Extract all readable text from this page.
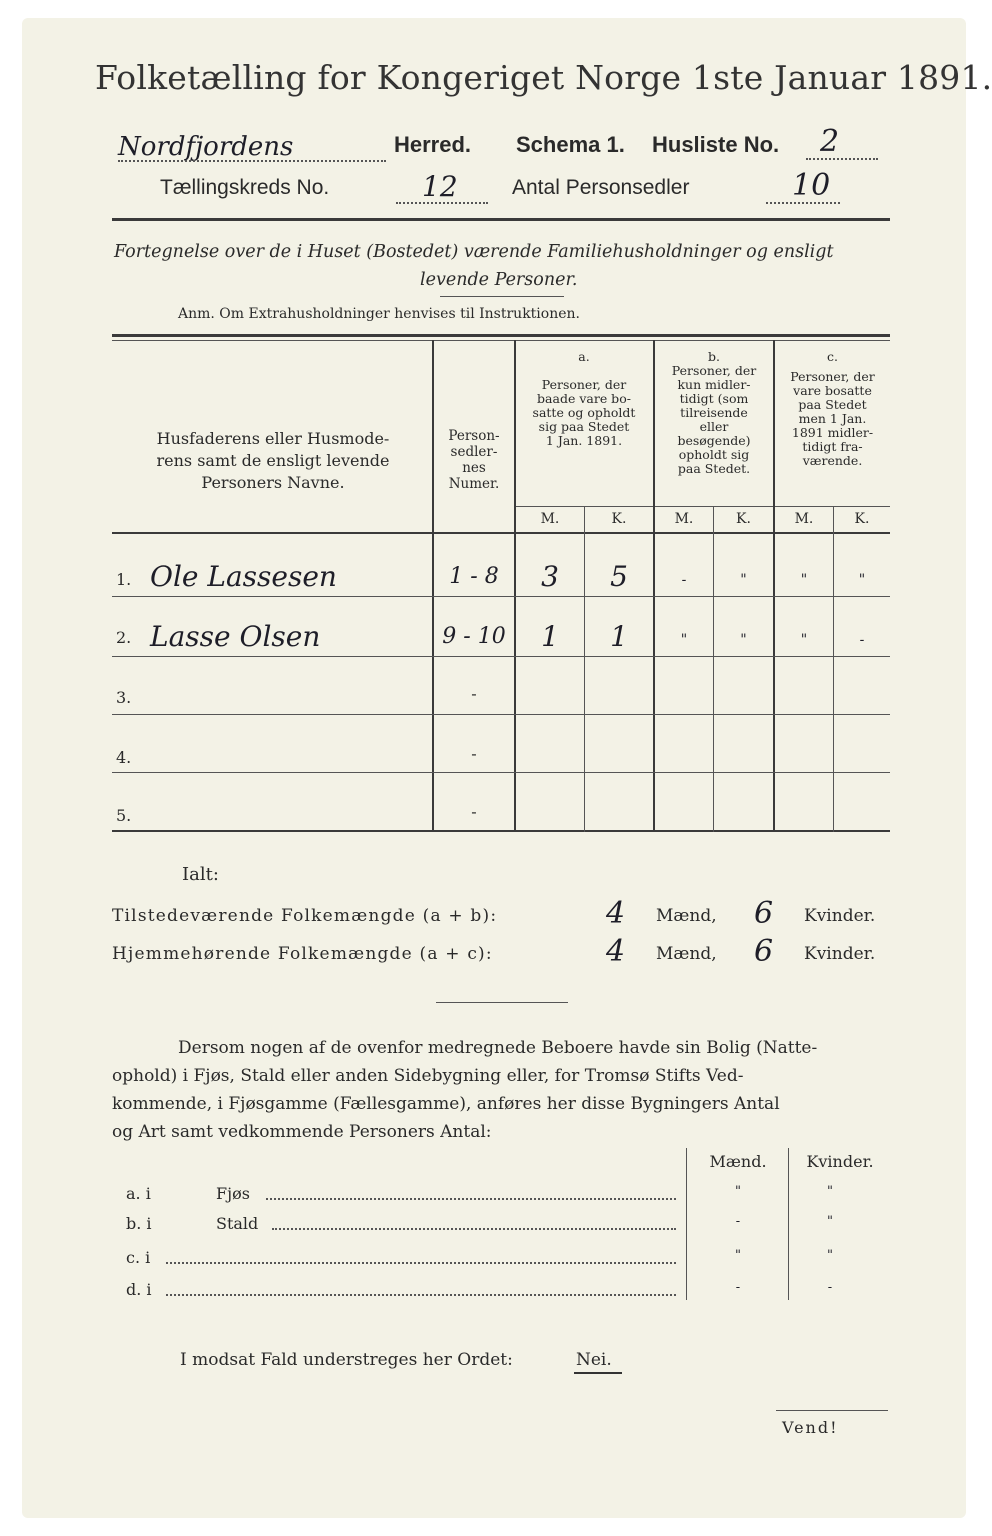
Folketælling for Kongeriget Norge 1ste Januar 1891.
Nordfjordens	Herred. Schema 1. Husliste No. 2
Tællingskreds No.	12	Antal Personsedler	10
Fortegnelse over de i Huset (Bostedet) værende Familiehusholdninger og ensligt
levende Personer.
Anm. Om Extrahusholdninger henvises til Instruktionen.
Husfaderens eller Husmode-
rens samt de ensligt levende
Personers Navne.
Person-
sedler-
nes
Numer.
a.
Personer, der
baade vare bo-
satte og opholdt
sig paa Stedet
1 Jan. 1891.
b.
Personer, der
kun midler-
tidigt (som
tilreisende
eller
besøgende)
opholdt sig
paa Stedet.
c.
Personer, der
vare bosatte
paa Stedet
men 1 Jan.
1891 midler-
tidigt fra-
værende.
M.	K.	M.	K.	M.	K.
1. Ole Lassesen	1 - 8	3	5	-	"	"	"
2. Lasse Olsen	9 - 10	1	1	"	"	"	-
3.	-
4.	-
5.	-
Ialt:
Tilstedeværende Folkemængde (a + b):	4 Mænd, 6 Kvinder.
Hjemmehørende Folkemængde (a + c):	4 Mænd, 6 Kvinder.
Dersom nogen af de ovenfor medregnede Beboere havde sin Bolig (Natte-
ophold) i Fjøs, Stald eller anden Sidebygning eller, for Tromsø Stifts Ved-
kommende, i Fjøsgamme (Fællesgamme), anføres her disse Bygningers Antal
og Art samt vedkommende Personers Antal:
Mænd.	Kvinder.
a. i	Fjøs	"	"
b. i	Stald	-	"
c. i	"	"
d. i	-	-
I modsat Fald understreges her Ordet:	Nei.
Vend!
